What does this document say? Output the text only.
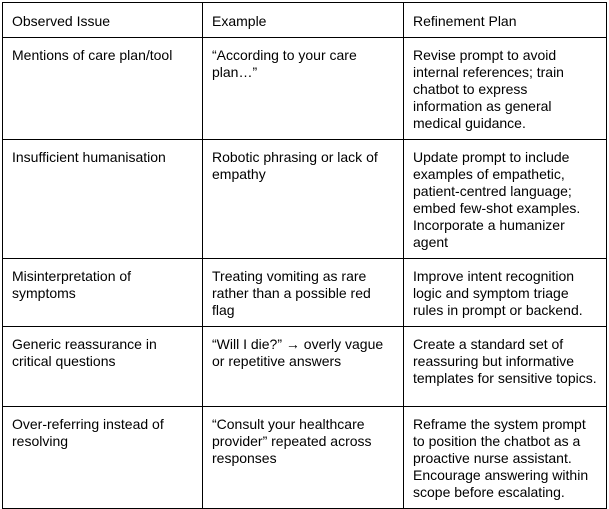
Observed Issue	Example	Refinement Plan
Mentions of care plan/tool	“According to your care plan…”	Revise prompt to avoid internal references; train chatbot to express information as general medical guidance.
Insufficient humanisation	Robotic phrasing or lack of empathy	Update prompt to include examples of empathetic, patient-centred language; embed few-shot examples. Incorporate a humanizer agent
Misinterpretation of symptoms	Treating vomiting as rare rather than a possible red flag	Improve intent recognition logic and symptom triage rules in prompt or backend.
Generic reassurance in critical questions	“Will I die?” → overly vague or repetitive answers	Create a standard set of reassuring but informative templates for sensitive topics.
Over-referring instead of resolving	“Consult your healthcare provider” repeated across responses	Reframe the system prompt to position the chatbot as a proactive nurse assistant. Encourage answering within scope before escalating.
